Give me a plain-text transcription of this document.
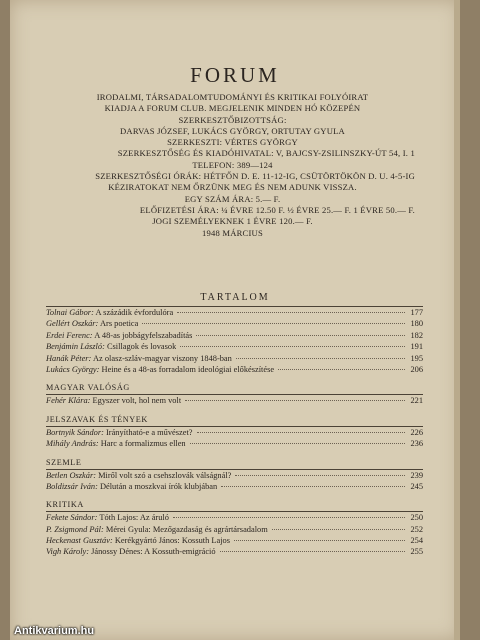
FORUM
IRODALMI, TÁRSADALOMTUDOMÁNYI ÉS KRITIKAI FOLYÓIRAT
KIADJA A FORUM CLUB. MEGJELENIK MINDEN HÓ KÖZEPÉN
SZERKESZTŐBIZOTTSÁG:
DARVAS JÓZSEF, LUKÁCS GYÖRGY, ORTUTAY GYULA
SZERKESZTI: VÉRTES GYÖRGY
SZERKESZTŐSÉG ÉS KIADÓHIVATAL: V, BAJCSY-ZSILINSZKY-ÚT 54, I. 1
TELEFON: 389—124
SZERKESZTŐSÉGI ÓRÁK: HÉTFŐN D. E. 11-12-IG, CSÜTÖRTÖKÖN D. U. 4-5-IG
KÉZIRATOKAT NEM ŐRZÜNK MEG ÉS NEM ADUNK VISSZA.
EGY SZÁM ÁRA: 5.— F.
ELŐFIZETÉSI ÁRA: ¼ ÉVRE 12.50 F. ½ ÉVRE 25.— F. 1 ÉVRE 50.— F.
JOGI SZEMÉLYEKNEK 1 ÉVRE 120.— F.
1948 MÁRCIUS
TARTALOM
Tolnai Gábor: A százádik évfordulóra	177
Gellért Oszkár: Ars poetica	180
Erdei Ferenc: A 48-as jobbágyfelszabadítás	182
Benjámin László: Csillagok és lovasok	191
Hanák Péter: Az olasz-szláv-magyar viszony 1848-ban	195
Lukács György: Heine és a 48-as forradalom ideológiai előkészítése	206
MAGYAR VALÓSÁG
Fehér Klára: Egyszer volt, hol nem volt	221
JELSZAVAK ÉS TÉNYEK
Bortnyik Sándor: Irányítható-e a művészet?	226
Mihály András: Harc a formalizmus ellen	236
SZEMLE
Betlen Oszkár: Miről volt szó a csehszlovák válságnál?	239
Boldizsár Iván: Délután a moszkvai írók klubjában	245
KRITIKA
Fekete Sándor: Tóth Lajos: Az áruló	250
P. Zsigmond Pál: Mérei Gyula: Mezőgazdaság és agrártársadalom	252
Heckenast Gusztáv: Kerékgyártó János: Kossuth Lajos	254
Vigh Károly: Jánossy Dénes: A Kossuth-emigráció	255
Antikvarium.hu
